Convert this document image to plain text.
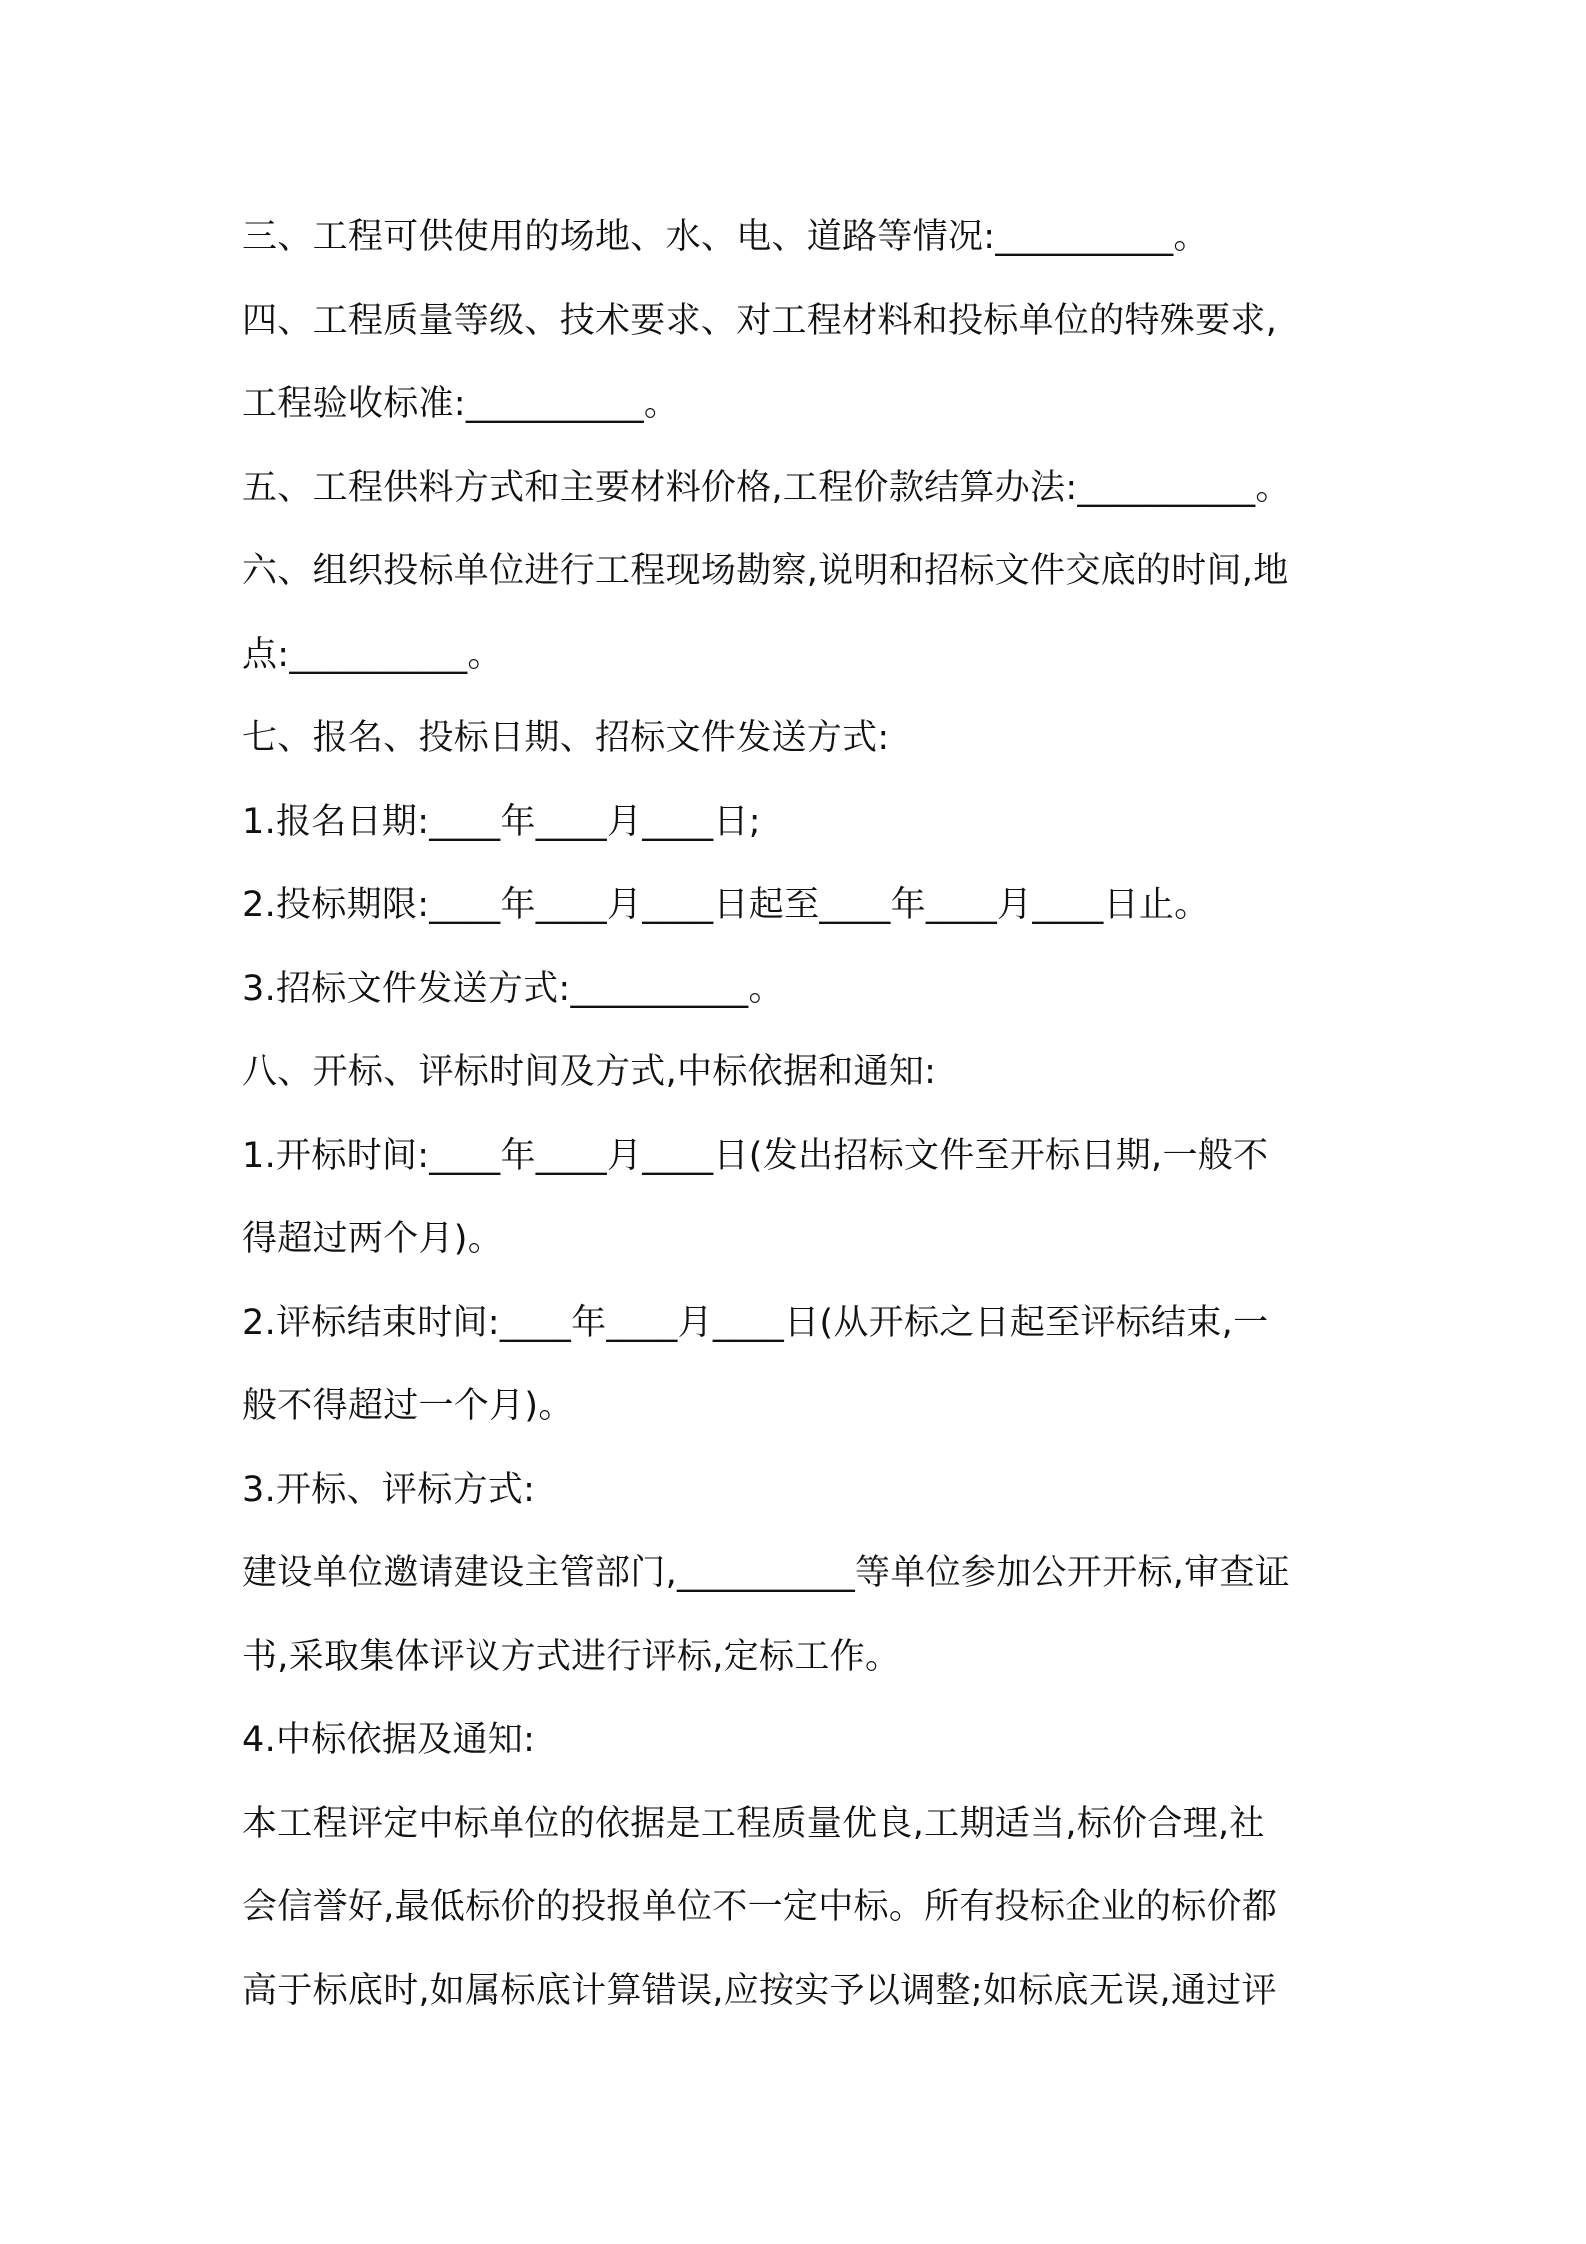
三、工程可供使用的场地、水、电、道路等情况:__________。
四、工程质量等级、技术要求、对工程材料和投标单位的特殊要求,
工程验收标准:__________。
五、工程供料方式和主要材料价格,工程价款结算办法:__________。
六、组织投标单位进行工程现场勘察,说明和招标文件交底的时间,地
点:__________。
七、报名、投标日期、招标文件发送方式:
1.报名日期:____年____月____日;
2.投标期限:____年____月____日起至____年____月____日止。
3.招标文件发送方式:__________。
八、开标、评标时间及方式,中标依据和通知:
1.开标时间:____年____月____日(发出招标文件至开标日期,一般不
得超过两个月)。
2.评标结束时间:____年____月____日(从开标之日起至评标结束,一
般不得超过一个月)。
3.开标、评标方式:
建设单位邀请建设主管部门,__________等单位参加公开开标,审查证
书,采取集体评议方式进行评标,定标工作。
4.中标依据及通知:
本工程评定中标单位的依据是工程质量优良,工期适当,标价合理,社
会信誉好,最低标价的投报单位不一定中标。所有投标企业的标价都
高于标底时,如属标底计算错误,应按实予以调整;如标底无误,通过评
